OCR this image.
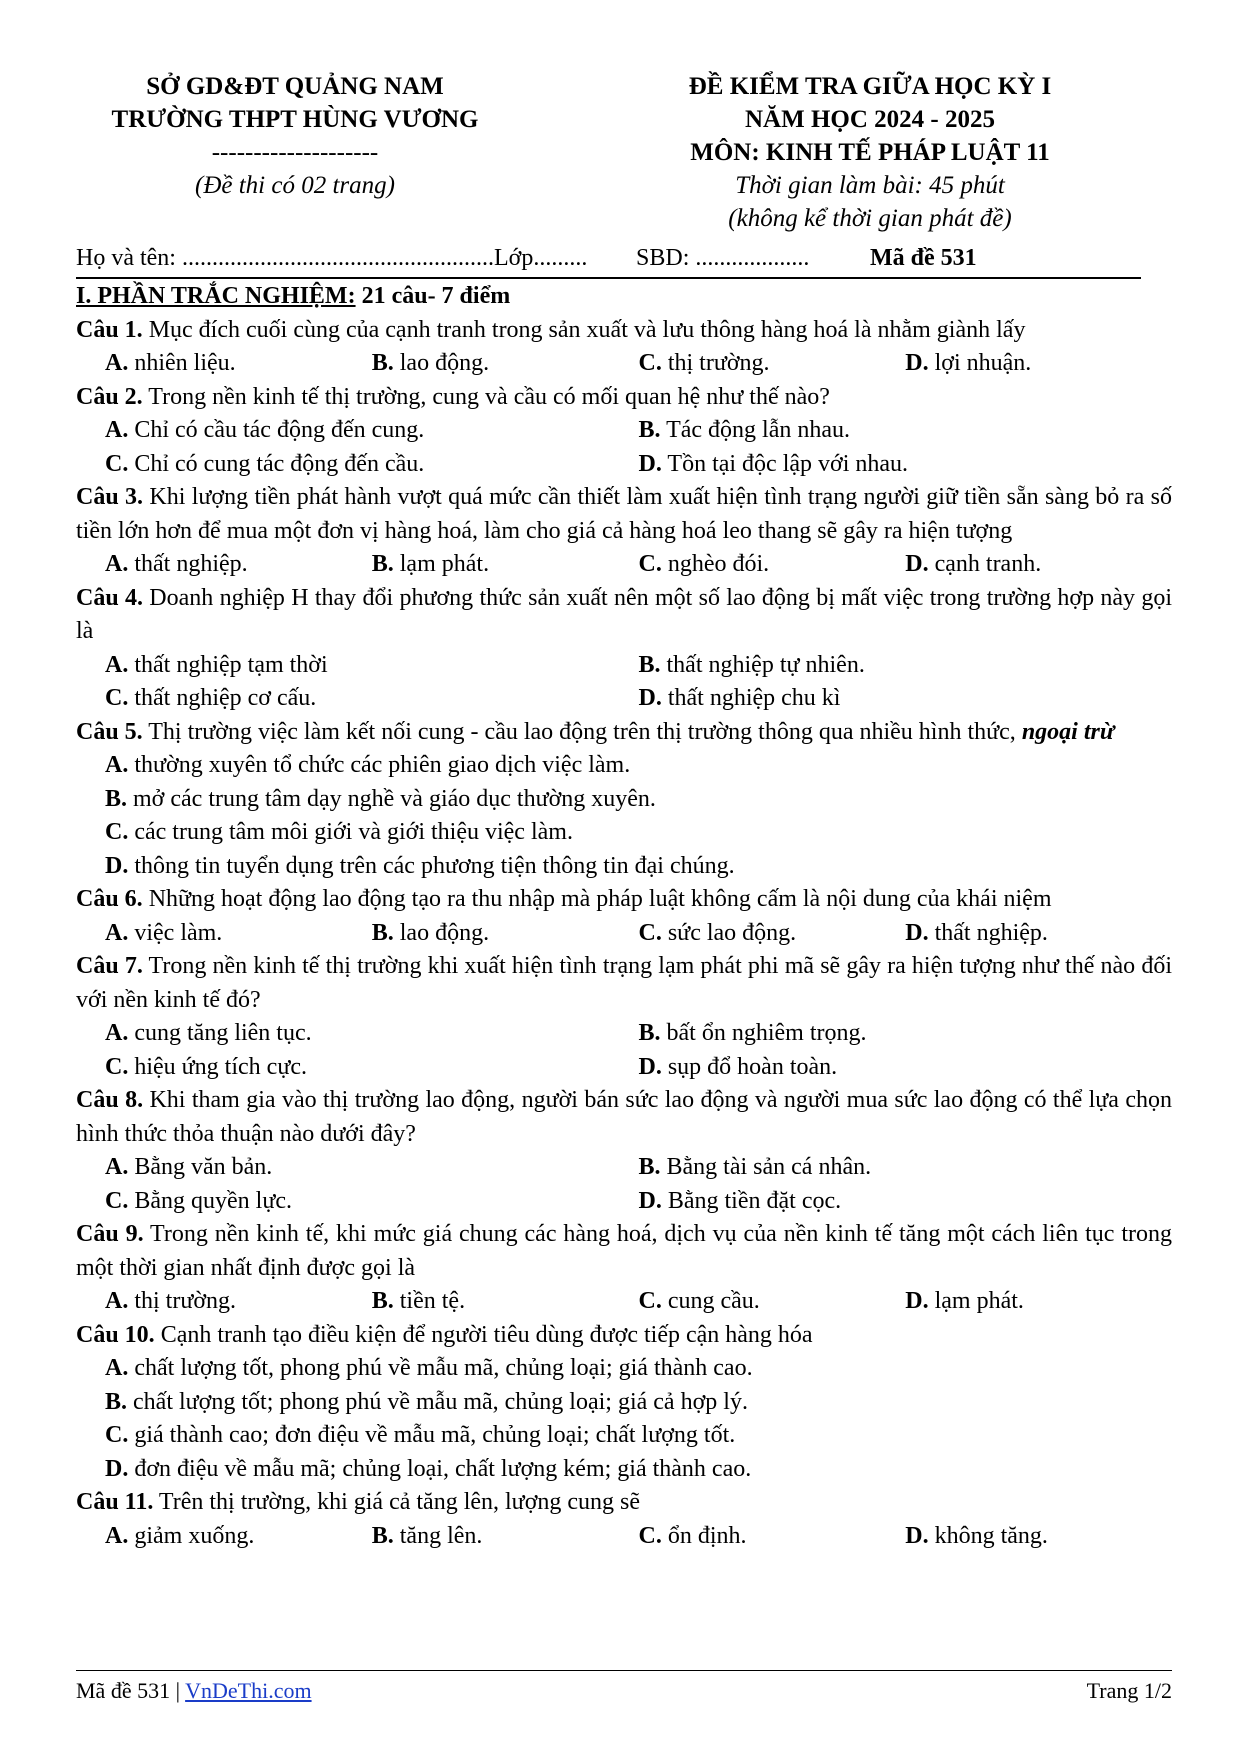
SỞ GD&ĐT QUẢNG NAM
TRƯỜNG THPT HÙNG VƯƠNG
--------------------
(Đề thi có 02 trang)
ĐỀ KIỂM TRA GIỮA HỌC KỲ I
NĂM HỌC 2024 - 2025
MÔN: KINH TẾ PHÁP LUẬT 11
Thời gian làm bài: 45 phút
(không kể thời gian phát đề)
Họ và tên: ....................................................Lớp......... SBD: ...................	Mã đề 531
I. PHẦN TRẮC NGHIỆM: 21 câu- 7 điểm
Câu 1. Mục đích cuối cùng của cạnh tranh trong sản xuất và lưu thông hàng hoá là nhằm giành lấy
A. nhiên liệu.	B. lao động.	C. thị trường.	D. lợi nhuận.
Câu 2. Trong nền kinh tế thị trường, cung và cầu có mối quan hệ như thế nào?
A. Chỉ có cầu tác động đến cung.	B. Tác động lẫn nhau.
C. Chỉ có cung tác động đến cầu.	D. Tồn tại độc lập với nhau.
Câu 3. Khi lượng tiền phát hành vượt quá mức cần thiết làm xuất hiện tình trạng người giữ tiền sẵn sàng bỏ ra số tiền lớn hơn để mua một đơn vị hàng hoá, làm cho giá cả hàng hoá leo thang sẽ gây ra hiện tượng
A. thất nghiệp.	B. lạm phát.	C. nghèo đói.	D. cạnh tranh.
Câu 4. Doanh nghiệp H thay đổi phương thức sản xuất nên một số lao động bị mất việc trong trường hợp này gọi là
A. thất nghiệp tạm thời	B. thất nghiệp tự nhiên.
C. thất nghiệp cơ cấu.	D. thất nghiệp chu kì
Câu 5. Thị trường việc làm kết nối cung - cầu lao động trên thị trường thông qua nhiều hình thức, ngoại trừ
A. thường xuyên tổ chức các phiên giao dịch việc làm.
B. mở các trung tâm dạy nghề và giáo dục thường xuyên.
C. các trung tâm môi giới và giới thiệu việc làm.
D. thông tin tuyển dụng trên các phương tiện thông tin đại chúng.
Câu 6. Những hoạt động lao động tạo ra thu nhập mà pháp luật không cấm là nội dung của khái niệm
A. việc làm.	B. lao động.	C. sức lao động.	D. thất nghiệp.
Câu 7. Trong nền kinh tế thị trường khi xuất hiện tình trạng lạm phát phi mã sẽ gây ra hiện tượng như thế nào đối với nền kinh tế đó?
A. cung tăng liên tục.	B. bất ổn nghiêm trọng.
C. hiệu ứng tích cực.	D. sụp đổ hoàn toàn.
Câu 8. Khi tham gia vào thị trường lao động, người bán sức lao động và người mua sức lao động có thể lựa chọn hình thức thỏa thuận nào dưới đây?
A. Bằng văn bản.	B. Bằng tài sản cá nhân.
C. Bằng quyền lực.	D. Bằng tiền đặt cọc.
Câu 9. Trong nền kinh tế, khi mức giá chung các hàng hoá, dịch vụ của nền kinh tế tăng một cách liên tục trong một thời gian nhất định được gọi là
A. thị trường.	B. tiền tệ.	C. cung cầu.	D. lạm phát.
Câu 10. Cạnh tranh tạo điều kiện để người tiêu dùng được tiếp cận hàng hóa
A. chất lượng tốt, phong phú về mẫu mã, chủng loại; giá thành cao.
B. chất lượng tốt; phong phú về mẫu mã, chủng loại; giá cả hợp lý.
C. giá thành cao; đơn điệu về mẫu mã, chủng loại; chất lượng tốt.
D. đơn điệu về mẫu mã; chủng loại, chất lượng kém; giá thành cao.
Câu 11. Trên thị trường, khi giá cả tăng lên, lượng cung sẽ
A. giảm xuống.	B. tăng lên.	C. ổn định.	D. không tăng.
Mã đề 531 | VnDeThi.com	Trang 1/2
